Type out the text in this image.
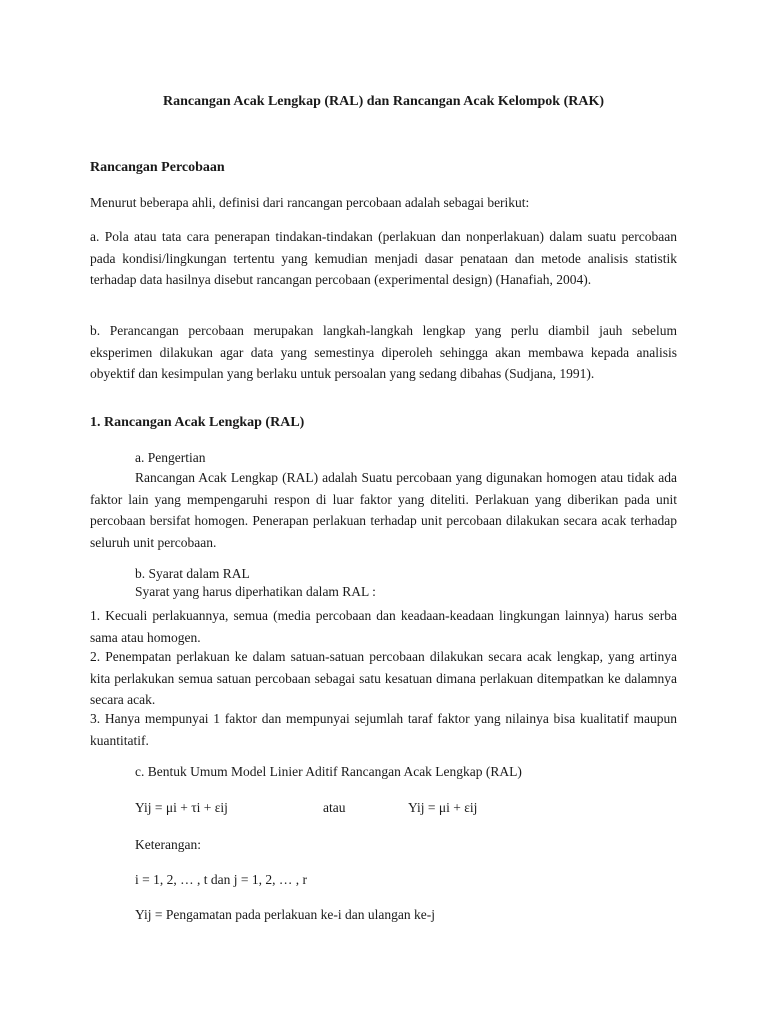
Rancangan Acak Lengkap (RAL) dan Rancangan Acak Kelompok (RAK)
Rancangan Percobaan

Menurut beberapa ahli, definisi dari rancangan percobaan adalah sebagai berikut:

a. Pola atau tata cara penerapan tindakan-tindakan (perlakuan dan nonperlakuan) dalam suatu percobaan pada kondisi/lingkungan tertentu yang kemudian menjadi dasar penataan dan metode analisis statistik terhadap data hasilnya disebut rancangan percobaan (experimental design) (Hanafiah, 2004).

b. Perancangan percobaan merupakan langkah-langkah lengkap yang perlu diambil jauh sebelum eksperimen dilakukan agar data yang semestinya diperoleh sehingga akan membawa kepada analisis obyektif dan kesimpulan yang berlaku untuk persoalan yang sedang dibahas (Sudjana, 1991).

1. Rancangan Acak Lengkap (RAL)

a. Pengertian

Rancangan Acak Lengkap (RAL) adalah Suatu percobaan yang digunakan homogen atau tidak ada faktor lain yang mempengaruhi respon di luar faktor yang diteliti. Perlakuan yang diberikan pada unit percobaan bersifat homogen. Penerapan perlakuan terhadap unit percobaan dilakukan secara acak terhadap seluruh unit percobaan.

b. Syarat dalam RAL

Syarat yang harus diperhatikan dalam RAL :

1. Kecuali perlakuannya, semua (media percobaan dan keadaan-keadaan lingkungan lainnya) harus serba sama atau homogen.

2. Penempatan perlakuan ke dalam satuan-satuan percobaan dilakukan secara acak lengkap, yang artinya kita perlakukan semua satuan percobaan sebagai satu kesatuan dimana perlakuan ditempatkan ke dalamnya secara acak.

3. Hanya mempunyai 1 faktor dan mempunyai sejumlah taraf faktor yang nilainya bisa kualitatif maupun kuantitatif.

c. Bentuk Umum Model Linier Aditif Rancangan Acak Lengkap (RAL)

Yij = μi + τi + εij	atau	Yij = μi + εij

Keterangan:

i = 1, 2, … , t dan j = 1, 2, … , r

Yij = Pengamatan pada perlakuan ke-i dan ulangan ke-j
